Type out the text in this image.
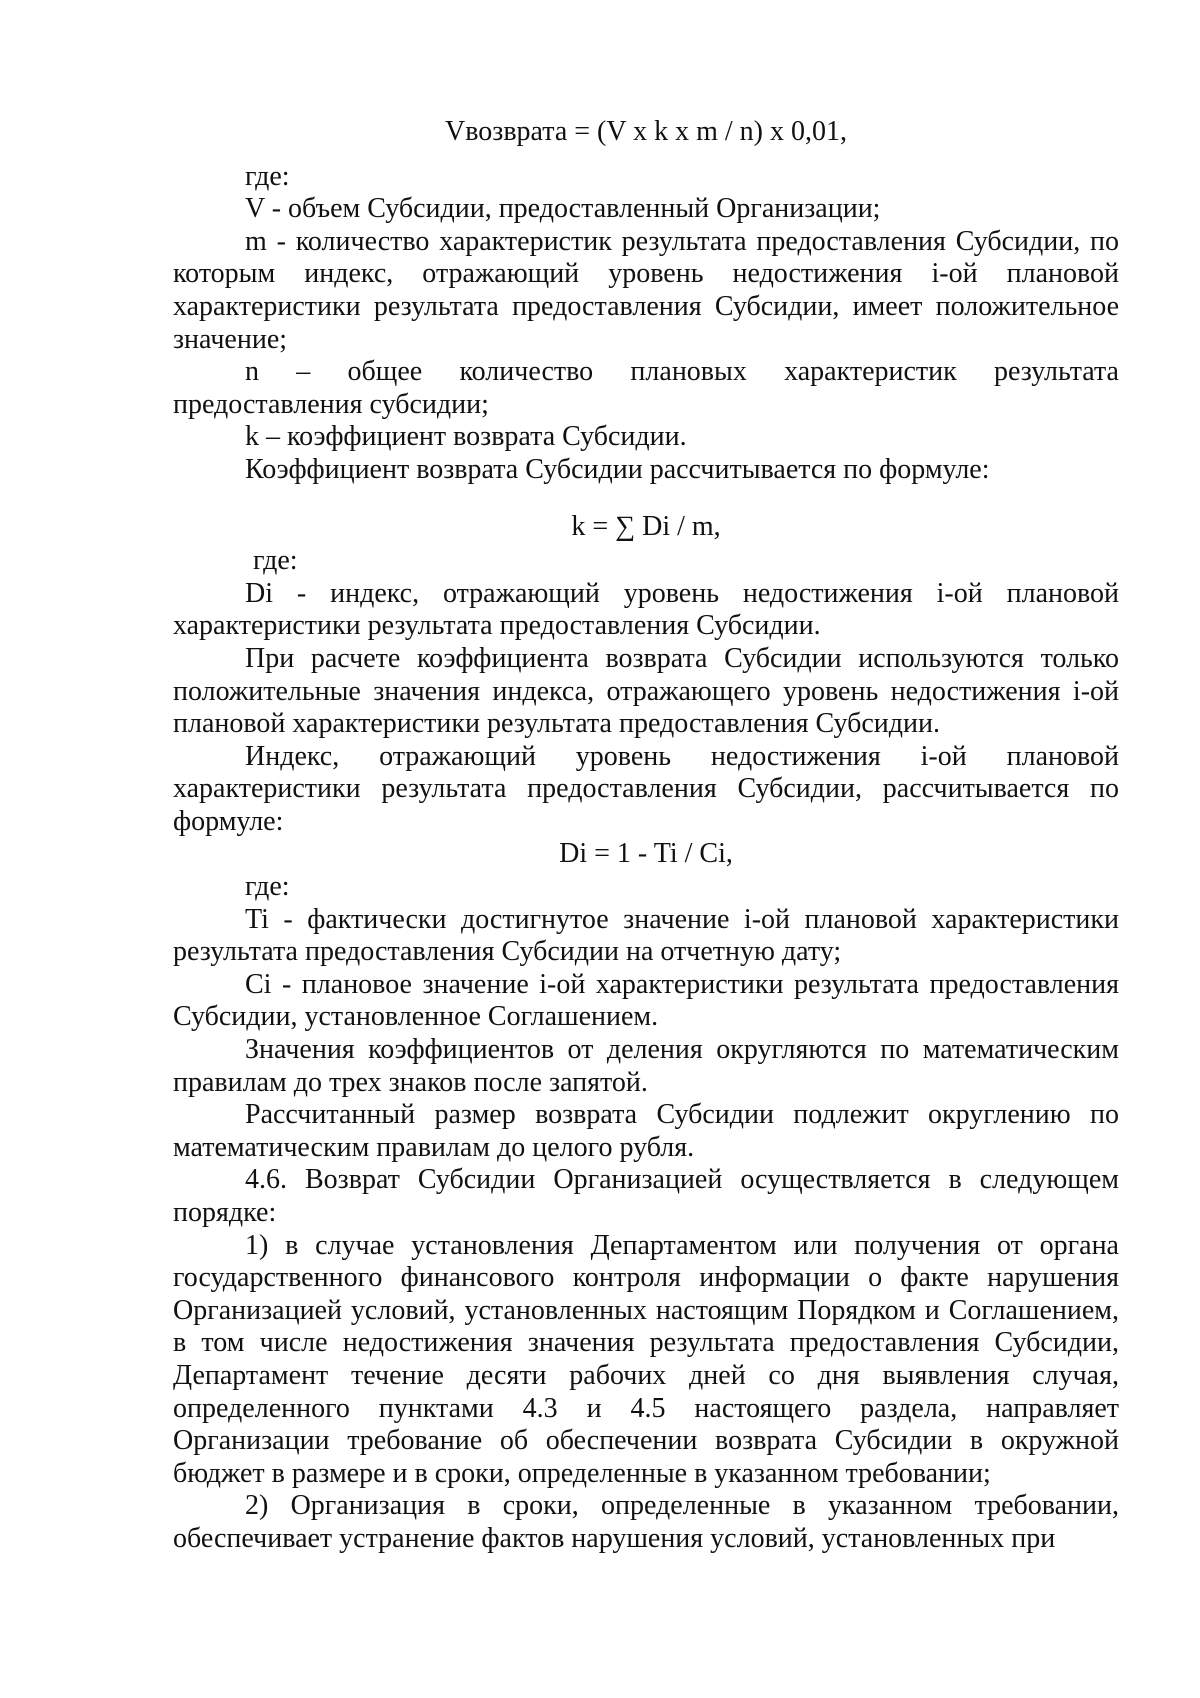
Vвозврата = (V x k x m / n) x 0,01,

где:

V - объем Субсидии, предоставленный Организации;

m - количество характеристик результата предоставления Субсидии, по которым индекс, отражающий уровень недостижения i-ой плановой характеристики результата предоставления Субсидии, имеет положительное значение;

n – общее количество плановых характеристик результата предоставления субсидии;

k – коэффициент возврата Субсидии.

Коэффициент возврата Субсидии рассчитывается по формуле:

k = ∑ Di / m,

где:

Di - индекс, отражающий уровень недостижения i-ой плановой характеристики результата предоставления Субсидии.

При расчете коэффициента возврата Субсидии используются только положительные значения индекса, отражающего уровень недостижения i-ой плановой характеристики результата предоставления Субсидии.

Индекс, отражающий уровень недостижения i-ой плановой характеристики результата предоставления Субсидии, рассчитывается по формуле:

Di = 1 - Ti / Ci,

где:

Ti - фактически достигнутое значение i-ой плановой характеристики результата предоставления Субсидии на отчетную дату;

Ci - плановое значение i-ой характеристики результата предоставления Субсидии, установленное Соглашением.

Значения коэффициентов от деления округляются по математическим правилам до трех знаков после запятой.

Рассчитанный размер возврата Субсидии подлежит округлению по математическим правилам до целого рубля.

4.6. Возврат Субсидии Организацией осуществляется в следующем порядке:

1) в случае установления Департаментом или получения от органа государственного финансового контроля информации о факте нарушения Организацией условий, установленных настоящим Порядком и Соглашением, в том числе недостижения значения результата предоставления Субсидии, Департамент течение десяти рабочих дней со дня выявления случая, определенного пунктами 4.3 и 4.5 настоящего раздела, направляет Организации требование об обеспечении возврата Субсидии в окружной бюджет в размере и в сроки, определенные в указанном требовании;

2) Организация в сроки, определенные в указанном требовании, обеспечивает устранение фактов нарушения условий, установленных при
